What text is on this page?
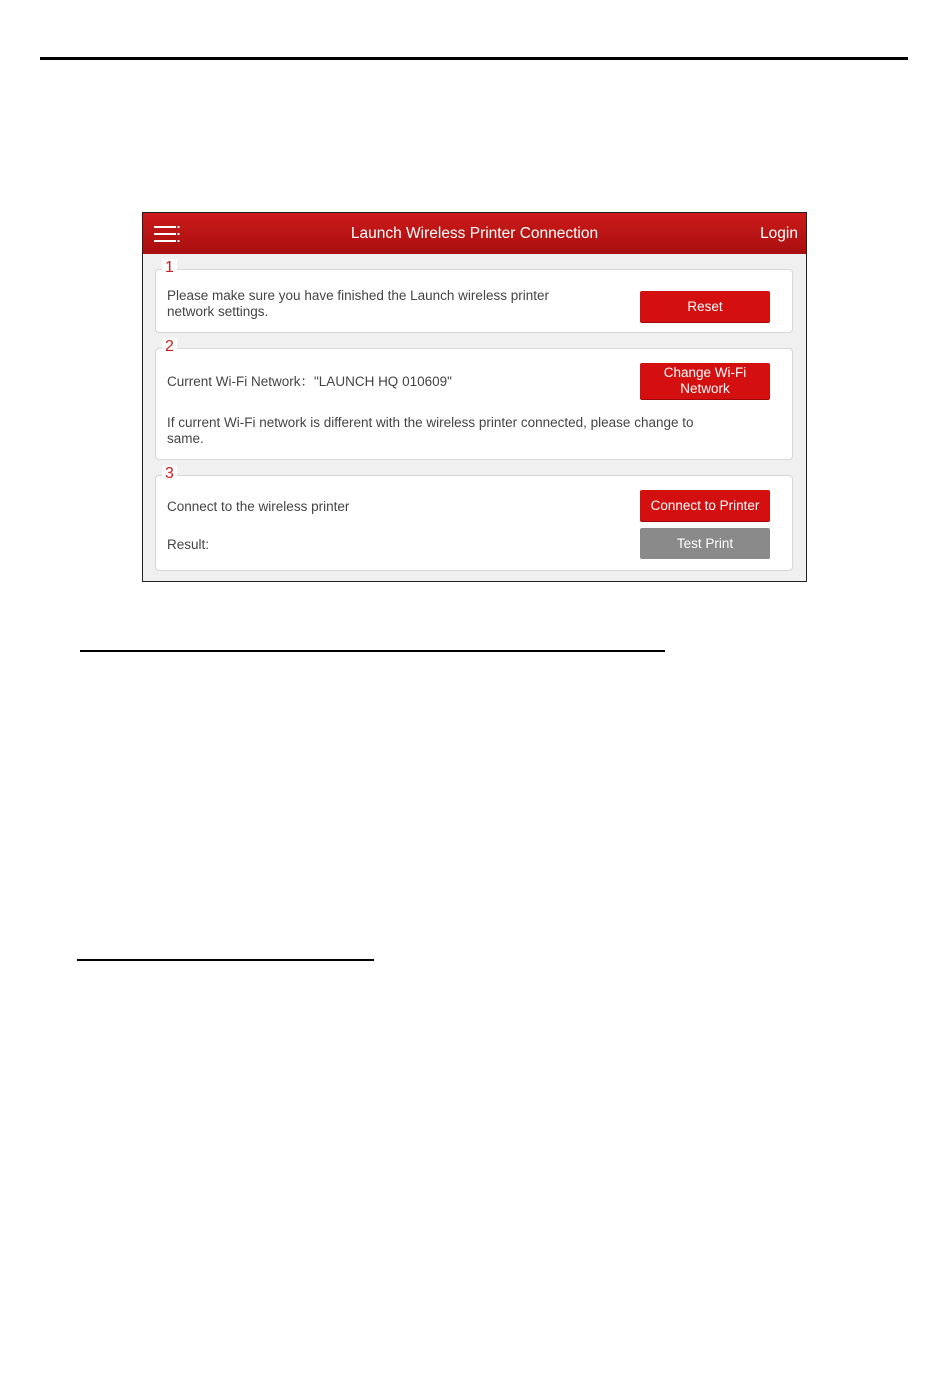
Launch Wireless Printer Connection	Login
1
Please make sure you have finished the Launch wireless printer
network settings.	Reset
2
Current Wi-Fi Network："LAUNCH HQ 010609"
Change Wi-Fi
Network
If current Wi-Fi network is different with the wireless printer connected, please change to
same.
3
Connect to the wireless printer	Connect to Printer
Result:	Test Print
